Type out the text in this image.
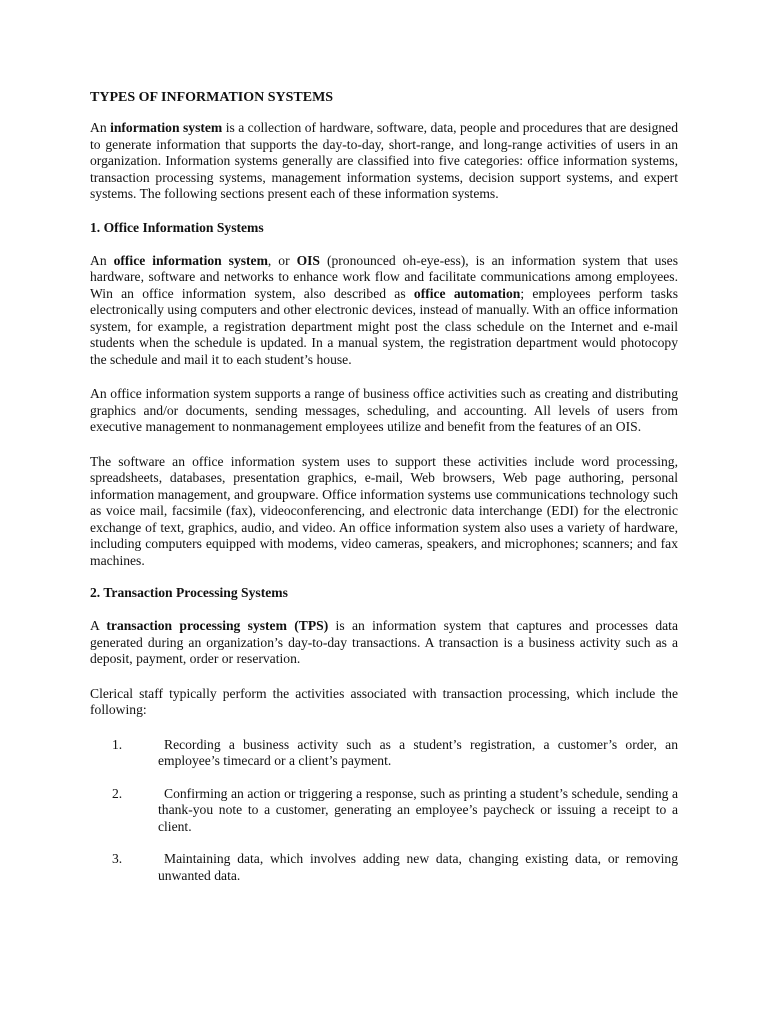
TYPES OF INFORMATION SYSTEMS

An information system is a collection of hardware, software, data, people and procedures that are designed to generate information that supports the day-to-day, short-range, and long-range activities of users in an organization. Information systems generally are classified into five categories: office information systems, transaction processing systems, management information systems, decision support systems, and expert systems. The following sections present each of these information systems.

1. Office Information Systems

An office information system, or OIS (pronounced oh-eye-ess), is an information system that uses hardware, software and networks to enhance work flow and facilitate communications among employees. Win an office information system, also described as office automation; employees perform tasks electronically using computers and other electronic devices, instead of manually. With an office information system, for example, a registration department might post the class schedule on the Internet and e-mail students when the schedule is updated. In a manual system, the registration department would photocopy the schedule and mail it to each student’s house.

An office information system supports a range of business office activities such as creating and distributing graphics and/or documents, sending messages, scheduling, and accounting. All levels of users from executive management to nonmanagement employees utilize and benefit from the features of an OIS.

The software an office information system uses to support these activities include word processing, spreadsheets, databases, presentation graphics, e-mail, Web browsers, Web page authoring, personal information management, and groupware. Office information systems use communications technology such as voice mail, facsimile (fax), videoconferencing, and electronic data interchange (EDI) for the electronic exchange of text, graphics, audio, and video. An office information system also uses a variety of hardware, including computers equipped with modems, video cameras, speakers, and microphones; scanners; and fax machines.

2. Transaction Processing Systems

A transaction processing system (TPS) is an information system that captures and processes data generated during an organization’s day-to-day transactions. A transaction is a business activity such as a deposit, payment, order or reservation.

Clerical staff typically perform the activities associated with transaction processing, which include the following:

1.	Recording a business activity such as a student’s registration, a customer’s order, an employee’s timecard or a client’s payment.
2.	Confirming an action or triggering a response, such as printing a student’s schedule, sending a thank-you note to a customer, generating an employee’s paycheck or issuing a receipt to a client.
3.	Maintaining data, which involves adding new data, changing existing data, or removing unwanted data.
